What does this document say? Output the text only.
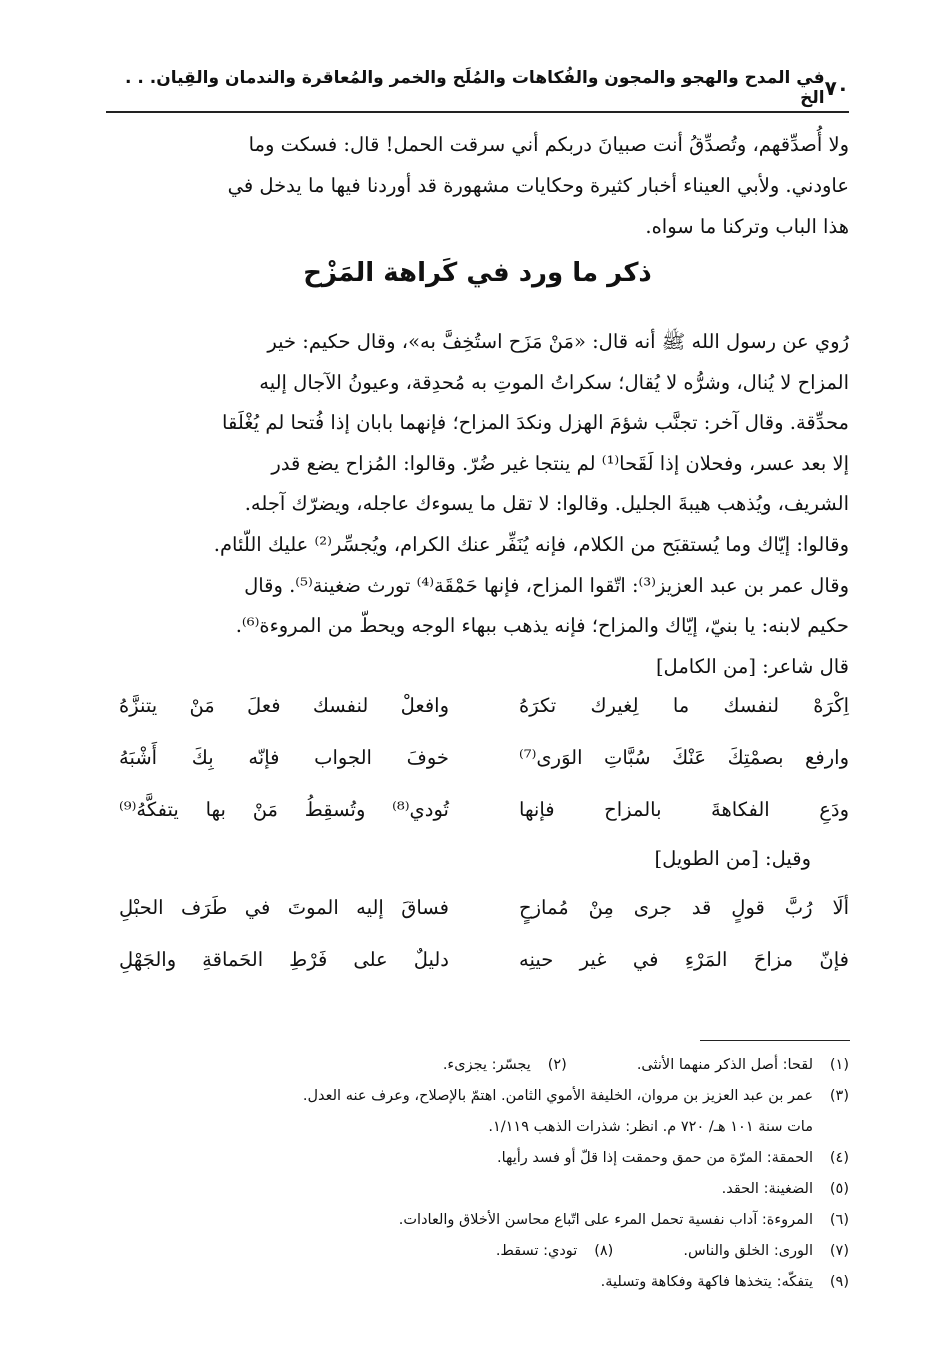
٧٠
في المدح والهجو والمجون والفُكاهات والمُلَح والخمر والمُعاقرة والندمان والقِيان. . . الخ

ولا أُصدِّقهم، وتُصدِّقُ أنت صبيانَ دربكم أني سرقت الحمل! قال: فسكت وما

عاودني. ولأبي العيناء أخبار كثيرة وحكايات مشهورة قد أوردنا فيها ما يدخل في

هذا الباب وتركنا ما سواه.

ذكر ما ورد في كَراهة المَزْح

رُوي عن رسول الله ﷺ أنه قال: «مَنْ مَزَح استُخِفَّ به»، وقال حكيم: خير

المزاح لا يُنال، وشرُّه لا يُقال؛ سكراتُ الموتِ به مُحدِقة، وعيونُ الآجال إليه

محدِّقة. وقال آخر: تجنَّب شؤمَ الهزل ونكدَ المزاح؛ فإنهما بابان إذا فُتحا لم يُغْلَقا

إلا بعد عسر، وفحلان إذا لَقَحا⁽¹⁾ لم ينتجا غير ضُرّ. وقالوا: المُزاح يضع قدر

الشريف، ويُذهب هيبةَ الجليل. وقالوا: لا تقل ما يسوءك عاجله، ويضرّك آجله.

وقالوا: إيّاك وما يُستقبَح من الكلام، فإنه يُنَفِّر عنك الكرام، ويُجسِّر⁽²⁾ عليك اللّئام.

وقال عمر بن عبد العزيز⁽³⁾: اتّقوا المزاح، فإنها حَمْقَة⁽⁴⁾ تورث ضغينة⁽⁵⁾. وقال

حكيم لابنه: يا بنيّ، إيّاك والمزاح؛ فإنه يذهب ببهاء الوجه ويحطّ من المروءة⁽⁶⁾.

قال شاعر: [من الكامل]

اِكْرَهْ لنفسك ما لِغيرك تكرَهُ
وافعلْ لنفسك فعلَ مَنْ يتنزَّهُ
وارفع بصمْتِكَ عَنْكَ سُبَّاتِ الوَرى⁽⁷⁾
خوفَ الجواب فإنّه بِكَ أَشْبَهُ
ودَعِ الفكاهةَ بالمزاح فإنها
تُودي⁽⁸⁾ وتُسقِطُ مَنْ بها يتفكَّهُ⁽⁹⁾
وقيل: [من الطويل]
ألَا رُبَّ قولٍ قد جرى مِنْ مُمازحٍ
فساقَ إليه الموتَ في طَرَف الحبْلِ
فإنّ مزاحَ المَرْءِ في غير حينِه
دليلٌ على فَرْطِ الحَماقةِ والجَهْلِ
(١)
لقحا: أصل الذكر منهما الأنثى.
(٢)
يجسّر: يجزىء.
(٣)
عمر بن عبد العزيز بن مروان، الخليفة الأموي الثامن. اهتمّ بالإصلاح، وعرف عنه العدل.
مات سنة ١٠١ هـ/ ٧٢٠ م. انظر: شذرات الذهب ١/١١٩.
(٤)
الحمقة: المرّة من حمق وحمقت إذا قلّ أو فسد رأيها.
(٥)
الضغينة: الحقد.
(٦)
المروءة: آداب نفسية تحمل المرء على اتّباع محاسن الأخلاق والعادات.
(٧)
الورى: الخلق والناس.
(٨)
تودي: تسقط.
(٩)
يتفكّه: يتخذها فاكهة وفكاهة وتسلية.
